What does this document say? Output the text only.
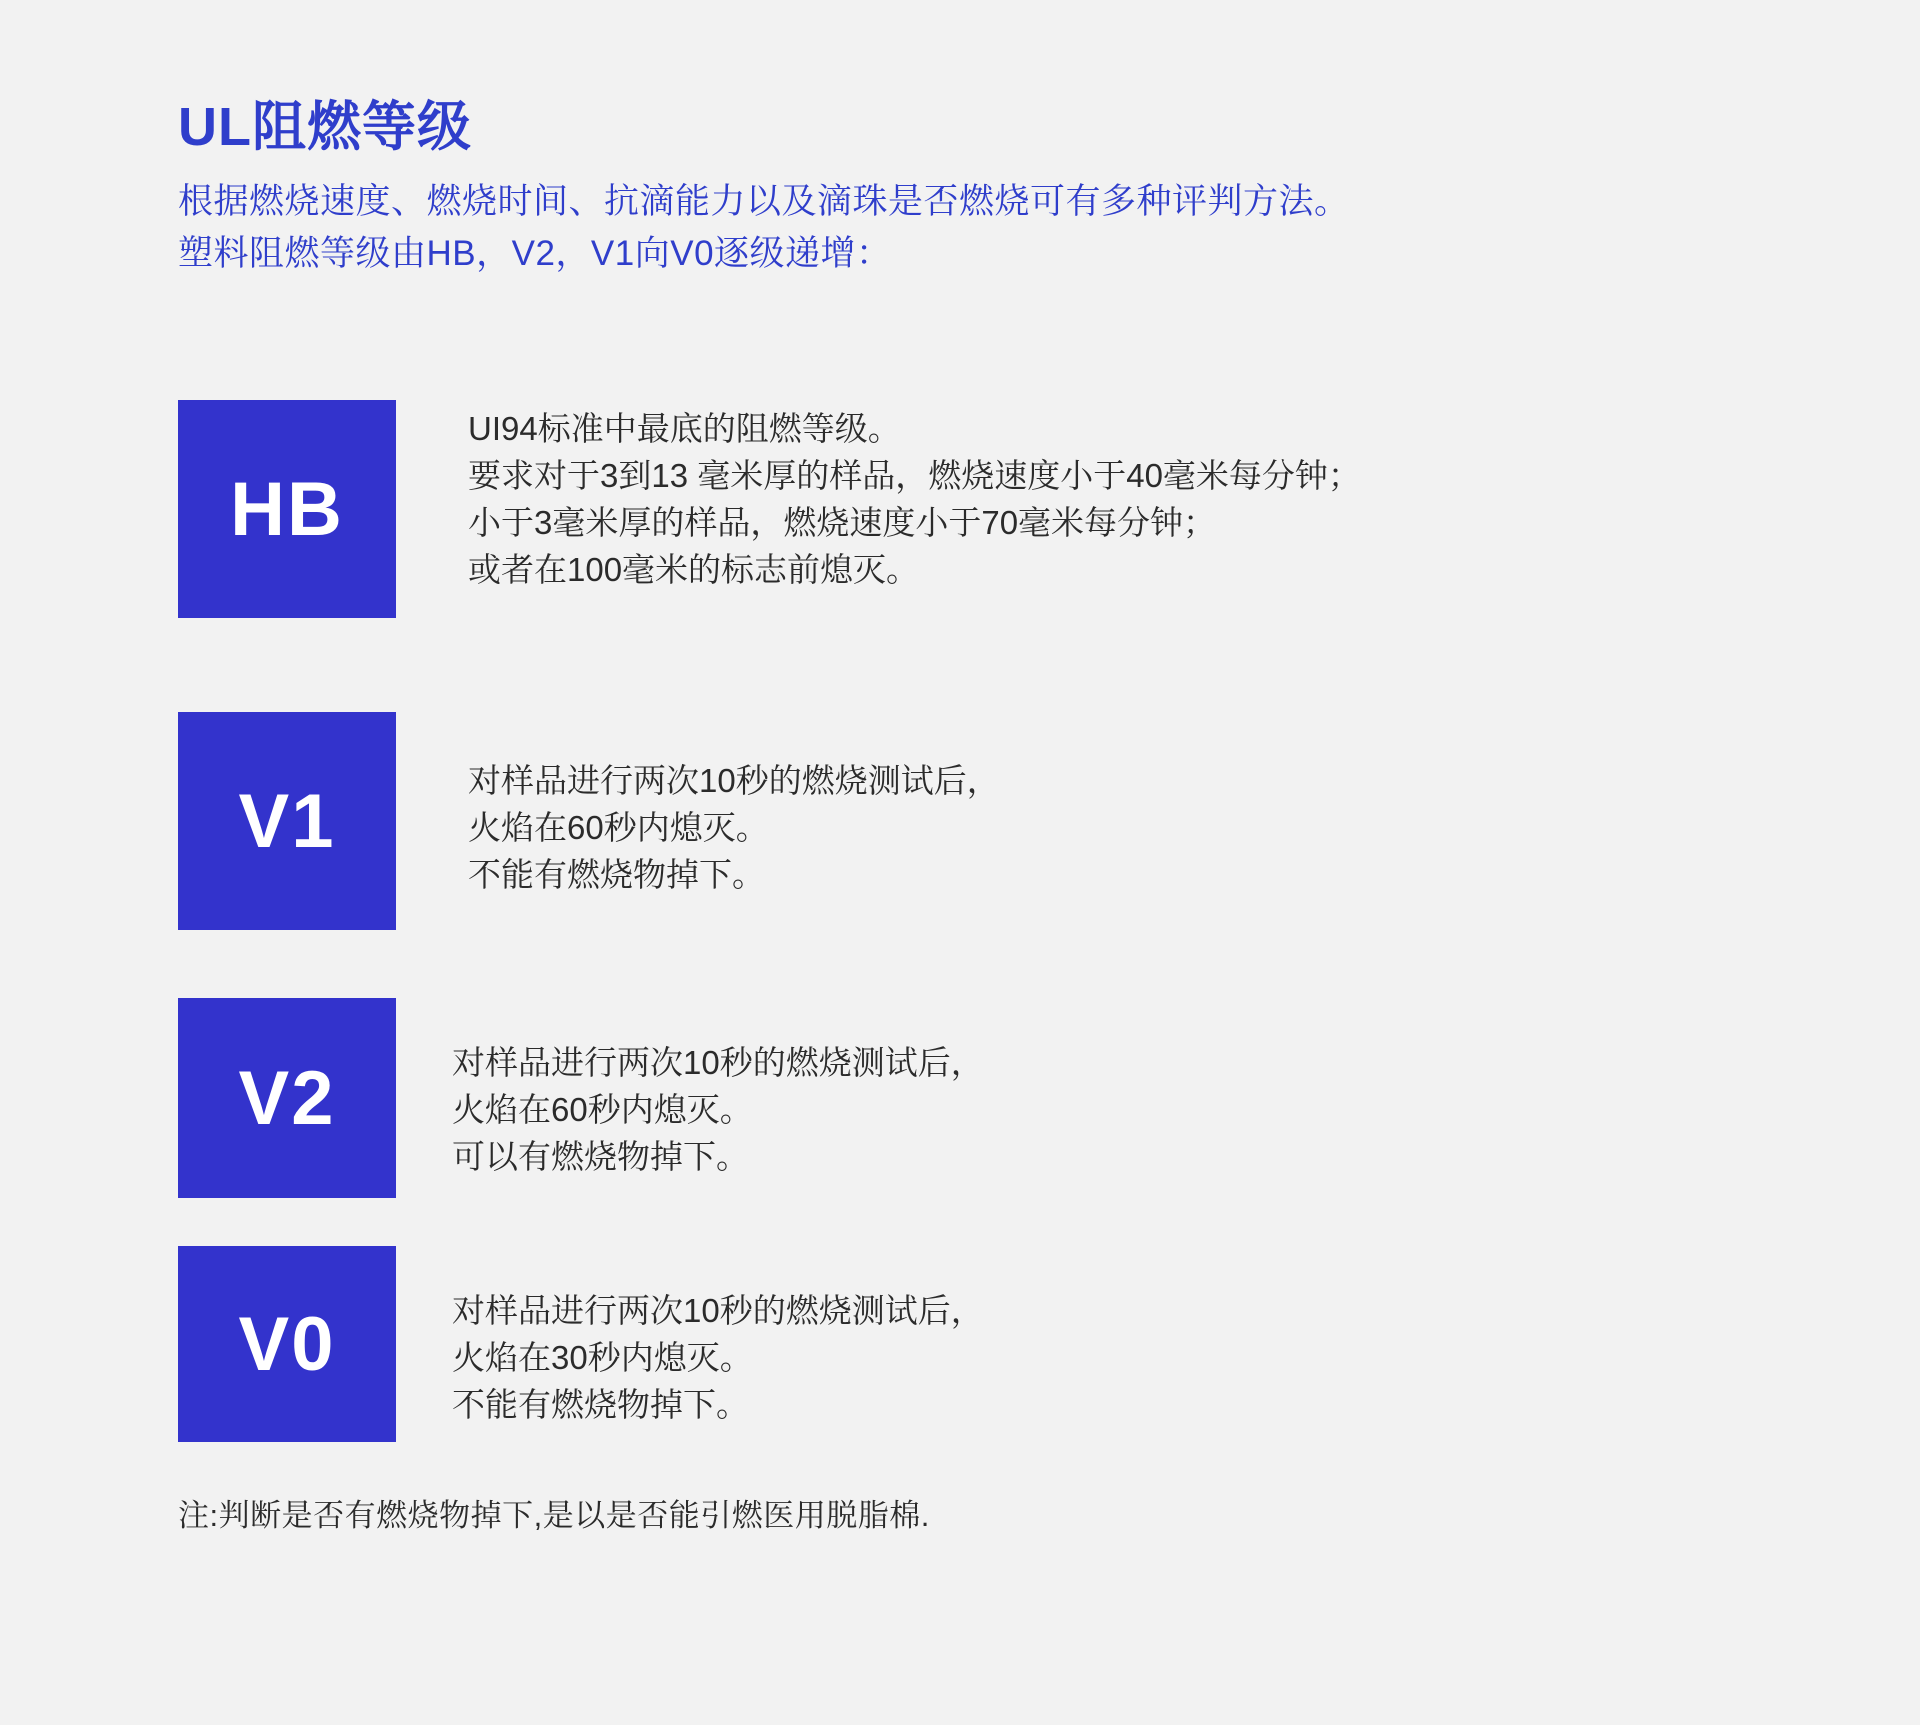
UL阻燃等级

根据燃烧速度、燃烧时间、抗滴能力以及滴珠是否燃烧可有多种评判方法。
塑料阻燃等级由HB，V2，V1向V0逐级递增：

HB
UI94标准中最底的阻燃等级。
要求对于3到13 毫米厚的样品，燃烧速度小于40毫米每分钟；
小于3毫米厚的样品，燃烧速度小于70毫米每分钟；
或者在100毫米的标志前熄灭。
V1	对样品进行两次10秒的燃烧测试后，
火焰在60秒内熄灭。
不能有燃烧物掉下。
V2	对样品进行两次10秒的燃烧测试后，
火焰在60秒内熄灭。
可以有燃烧物掉下。
V0	对样品进行两次10秒的燃烧测试后，
火焰在30秒内熄灭。
不能有燃烧物掉下。
注:判断是否有燃烧物掉下,是以是否能引燃医用脱脂棉.
